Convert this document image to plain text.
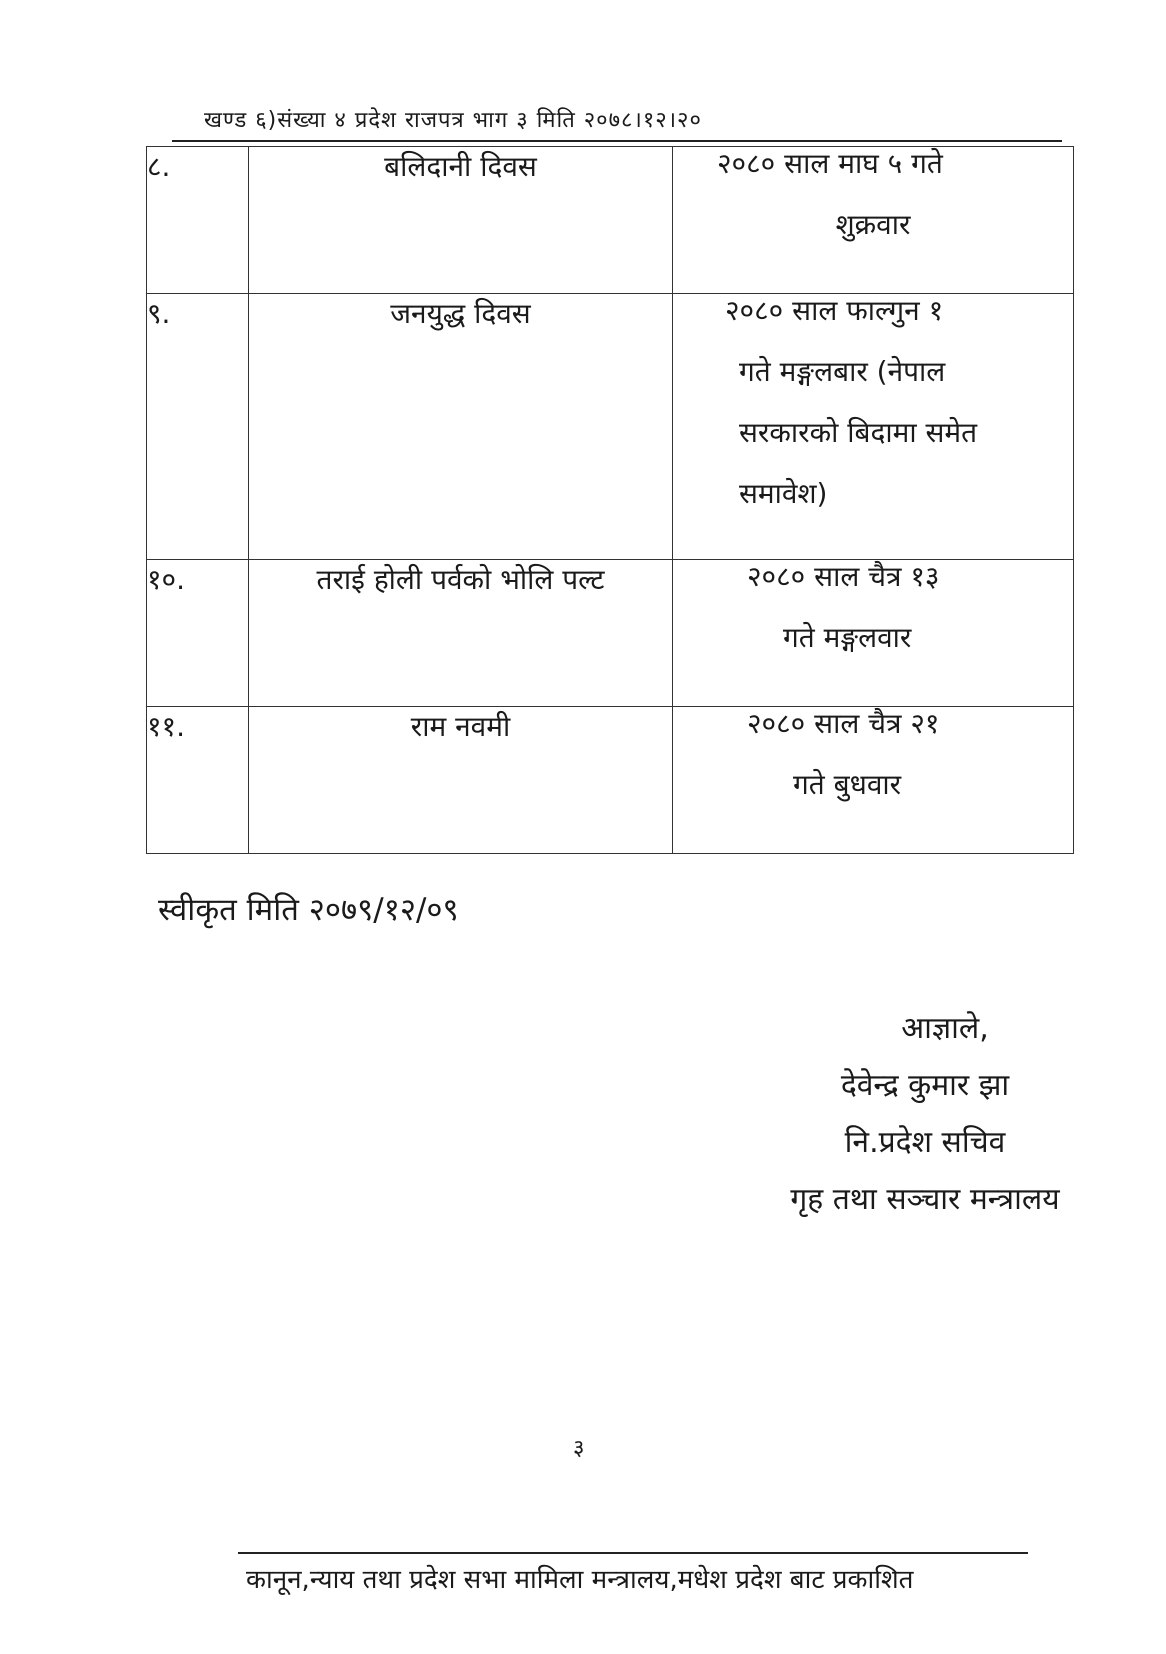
खण्ड ६)संख्या ४ प्रदेश राजपत्र भाग ३ मिति २०७८।१२।२०
८.	बलिदानी दिवस	२०८० साल माघ ५ गते
शुक्रवार

९.	जनयुद्ध दिवस	२०८० साल फाल्गुन १
गते मङ्गलबार (नेपाल
सरकारको बिदामा समेत
समावेश)

१०.	तराई होली पर्वको भोलि पल्ट	२०८० साल चैत्र १३
गते मङ्गलवार

११.	राम नवमी	२०८० साल चैत्र २१
गते बुधवार
स्वीकृत मिति २०७९/१२/०९
आज्ञाले,
देवेन्द्र कुमार झा
नि.प्रदेश सचिव
गृह तथा सञ्चार मन्त्रालय
३
कानून,न्याय तथा प्रदेश सभा मामिला मन्त्रालय,मधेश प्रदेश बाट प्रकाशित
